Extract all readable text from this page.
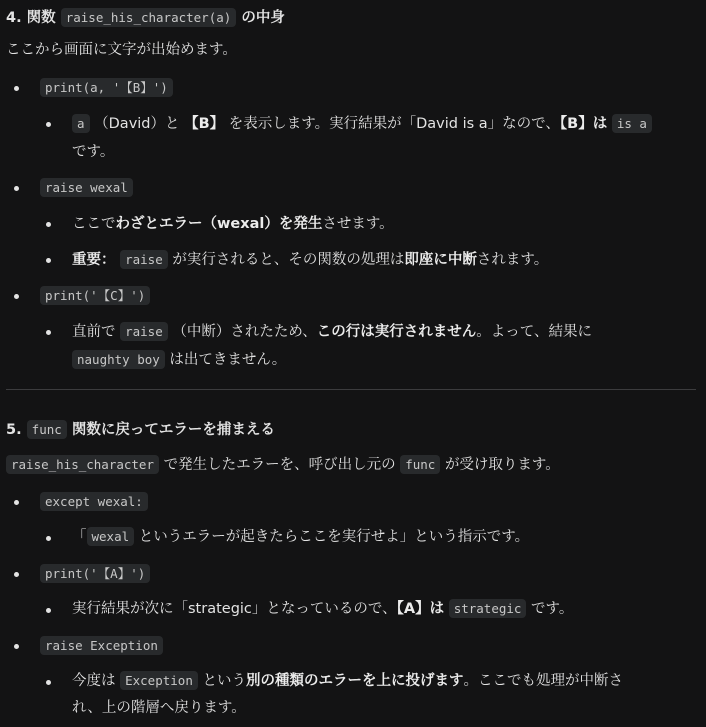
4. 関数 raise_his_character(a) の中身
ここから画面に文字が出始めます。
print(a, '【B】')
a （David）と 【B】 を表示します。実行結果が「David is a」なので、【B】は is a
です。
raise wexal
ここでわざとエラー（wexal）を発生させます。
重要： raise が実行されると、その関数の処理は即座に中断されます。
print('【C】')
直前で raise （中断）されたため、この行は実行されません。よって、結果に
naughty boy は出てきません。
5. func 関数に戻ってエラーを捕まえる
raise_his_character で発生したエラーを、呼び出し元の func が受け取ります。
except wexal:
「 wexal というエラーが起きたらここを実行せよ」という指示です。
print('【A】')
実行結果が次に「strategic」となっているので、【A】は strategic です。
raise Exception
今度は Exception という別の種類のエラーを上に投げます。ここでも処理が中断さ
れ、上の階層へ戻ります。
